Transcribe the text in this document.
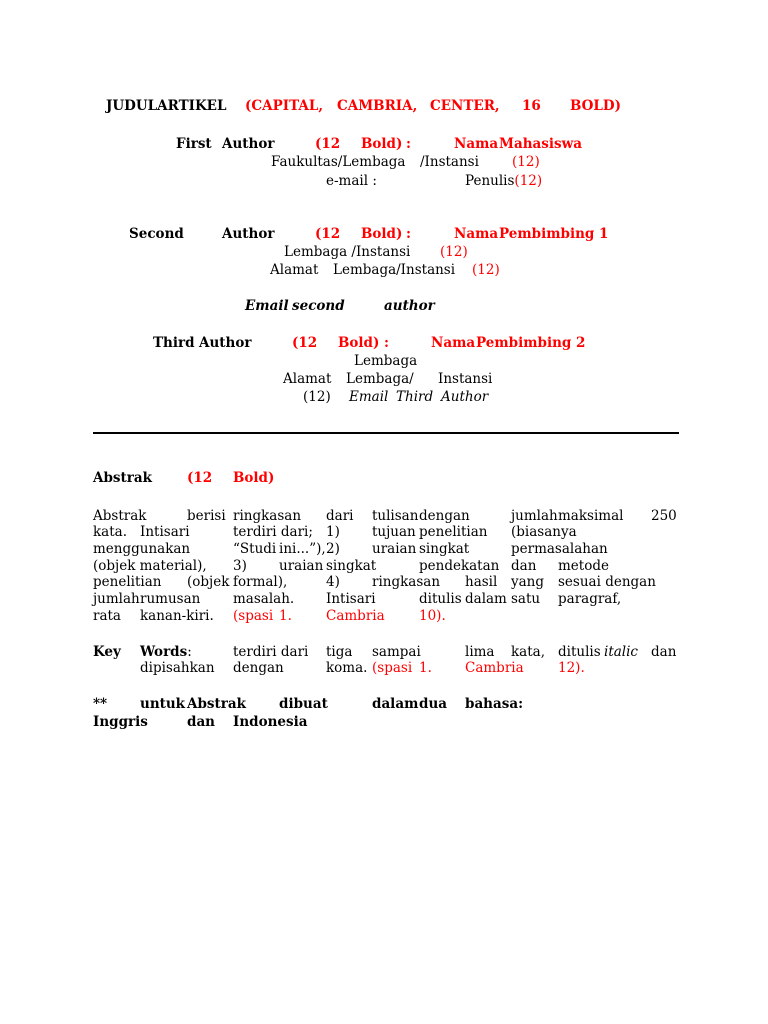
JUDULARTIKEL (CAPITAL, CAMBRIA, CENTER, 16 BOLD)
First Author	(12 Bold) :	Nama Mahasiswa
Faukultas/Lembaga /Instansi (12)
e-mail :	Penulis(12)
Second	Author	(12 Bold) :	Nama Pembimbing 1
Lembaga /Instansi (12)
Alamat Lembaga/Instansi (12)
Email second	author
Third Author	(12 Bold) :	Nama Pembimbing 2
Lembaga
Alamat Lembaga/ Instansi
(12) Email Third Author
Abstrak	(12 Bold)
Abstrak	berisi ringkasan dari tulisan dengan	jumlah maksimal 250
kata. Intisari	terdiri dari; 1) tujuan penelitian (biasanya
menggunakan	“Studi ini...”), 2) uraian singkat	permasalahan
(objek material), 3) uraian singkat	pendekatan dan metode
penelitian (objek formal),	4) ringkasan hasil yang sesuai dengan
jumlah rumusan masalah. Intisari	ditulis dalam satu paragraf,
rata kanan-kiri. (spasi 1.	Cambria	10).
Key Words:	terdiri dari tiga sampai	lima kata, ditulis italic dan
dipisahkan dengan	koma. (spasi 1. Cambria	12).
** untuk Abstrak dibuat	dalam dua bahasa:
Inggris	dan Indonesia
